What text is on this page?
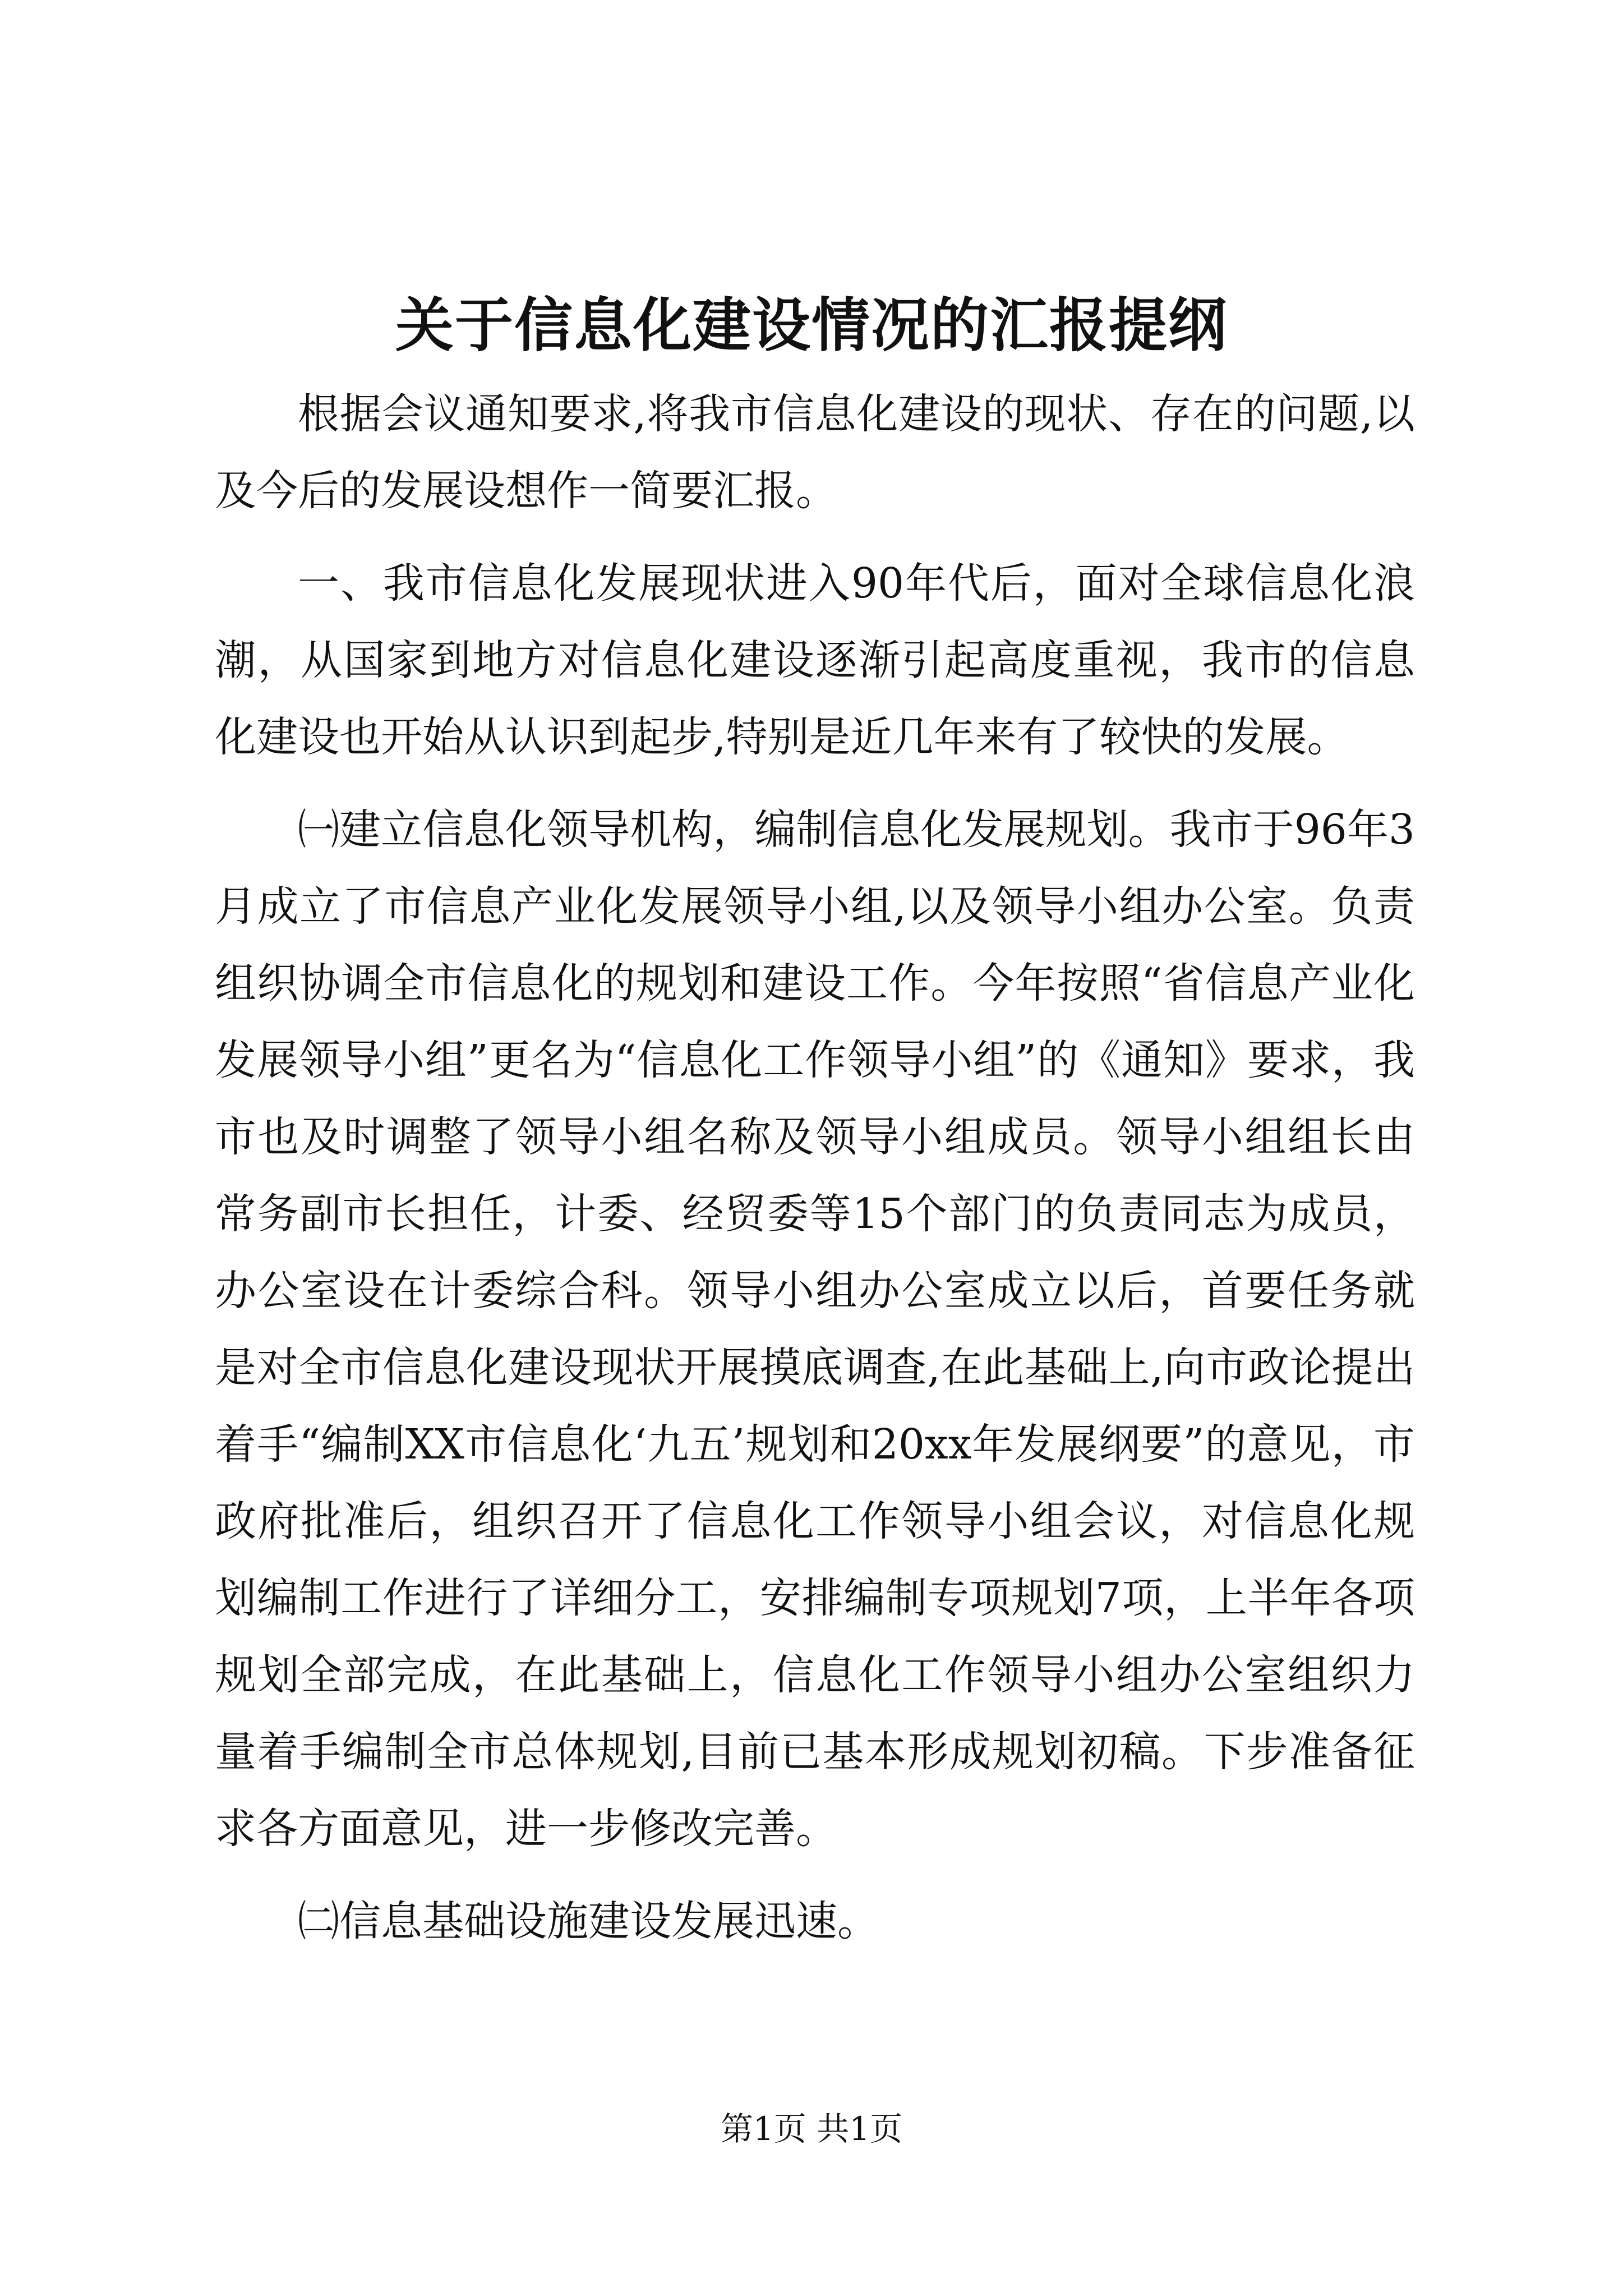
关于信息化建设情况的汇报提纲

根据会议通知要求,将我市信息化建设的现状、存在的问题,以及今后的发展设想作一简要汇报。

一、我市信息化发展现状进入90年代后，面对全球信息化浪潮，从国家到地方对信息化建设逐渐引起高度重视，我市的信息化建设也开始从认识到起步,特别是近几年来有了较快的发展。

㈠建立信息化领导机构，编制信息化发展规划。我市于96年3月成立了市信息产业化发展领导小组,以及领导小组办公室。负责组织协调全市信息化的规划和建设工作。今年按照“省信息产业化发展领导小组”更名为“信息化工作领导小组”的《通知》要求，我市也及时调整了领导小组名称及领导小组成员。领导小组组长由常务副市长担任，计委、经贸委等15个部门的负责同志为成员，办公室设在计委综合科。领导小组办公室成立以后，首要任务就是对全市信息化建设现状开展摸底调查,在此基础上,向市政论提出着手“编制XX市信息化‘九五’规划和20xx年发展纲要”的意见，市政府批准后，组织召开了信息化工作领导小组会议，对信息化规划编制工作进行了详细分工，安排编制专项规划7项，上半年各项规划全部完成，在此基础上，信息化工作领导小组办公室组织力量着手编制全市总体规划,目前已基本形成规划初稿。下步准备征求各方面意见，进一步修改完善。

㈡信息基础设施建设发展迅速。

第1页 共1页
